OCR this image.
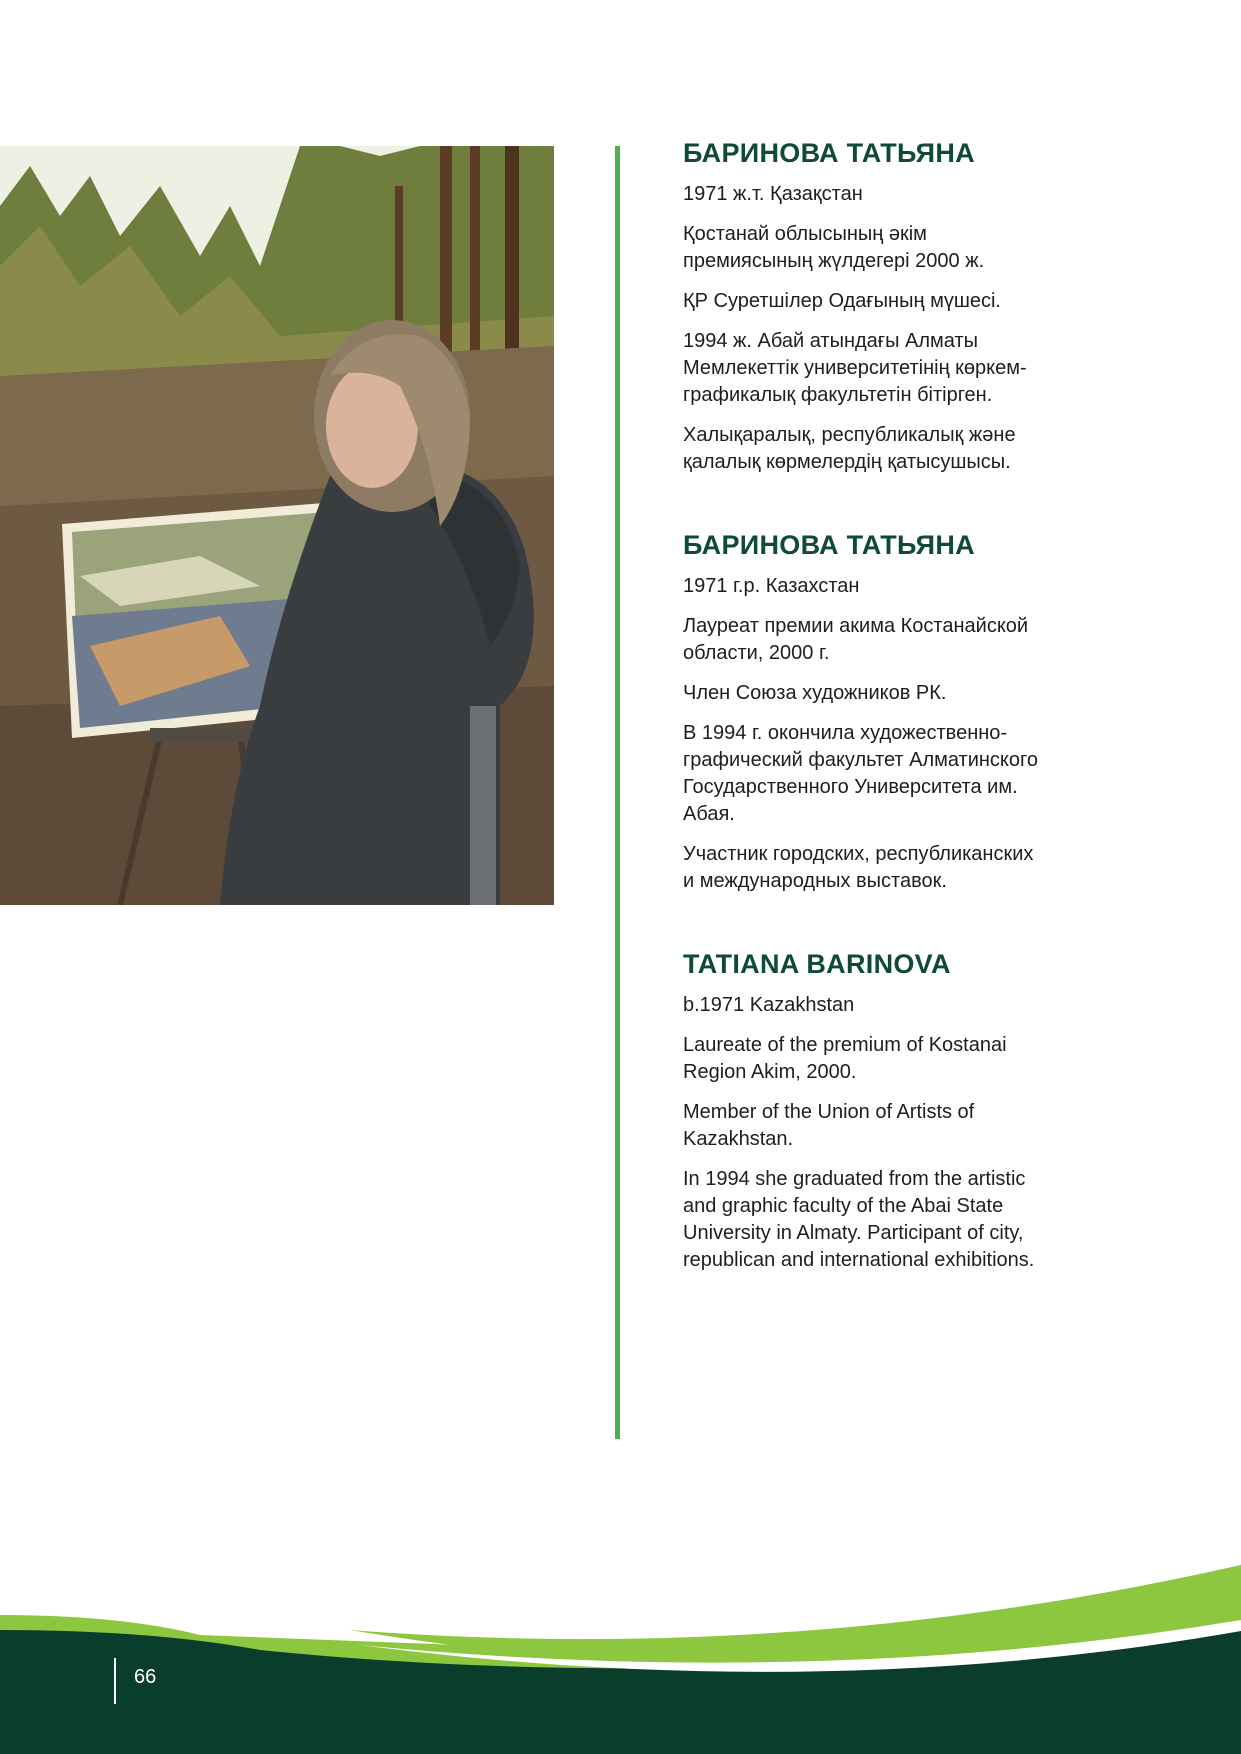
БАРИНОВА ТАТЬЯНА

1971 ж.т. Қазақстан

Қостанай облысының әкім премиясының жүлдегері 2000 ж.

ҚР Суретшілер Одағының мүшесі.

1994 ж. Абай атындағы Алматы Мемлекеттік университетінің көркем-графикалық факультетін бітірген.

Халықаралық, республикалық және қалалық көрмелердің қатысушысы.

БАРИНОВА ТАТЬЯНА

1971 г.р. Казахстан

Лауреат премии акима Костанайской области, 2000 г.

Член Союза художников РК.

В 1994 г. окончила художественно-графический факультет Алматинского Государственного Университета им. Абая.

Участник городских, республиканских и международных выставок.

TATIANA BARINOVA

b.1971 Kazakhstan

Laureate of the premium of Kostanai Region Akim, 2000.

Member of the Union of Artists of Kazakhstan.

In 1994 she graduated from the artistic and graphic faculty of the Abai State University in Almaty. Participant of city, republican and international exhibitions.

66
